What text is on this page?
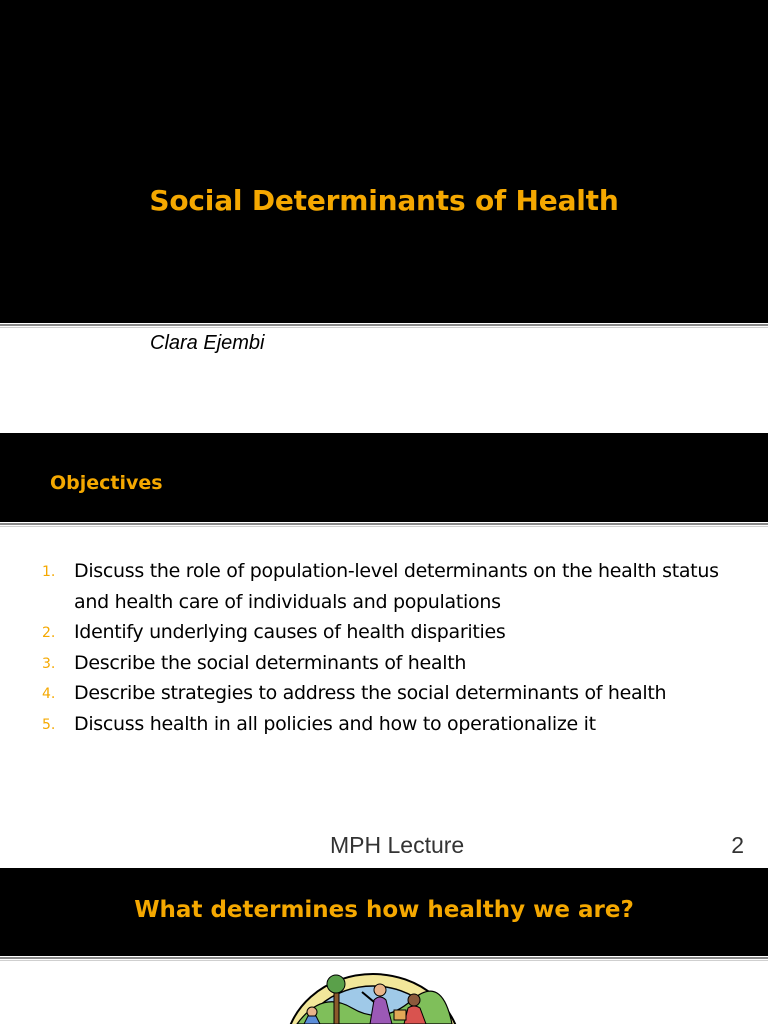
Social Determinants of Health
Clara Ejembi
Objectives
1. Discuss the role of population-level determinants on the health status and health care of individuals and populations
2. Identify underlying causes of health disparities
3. Describe the social determinants of health
4. Describe strategies to address the social determinants of health
5. Discuss health in all policies and how to operationalize it
MPH Lecture	2
What determines how healthy we are?
